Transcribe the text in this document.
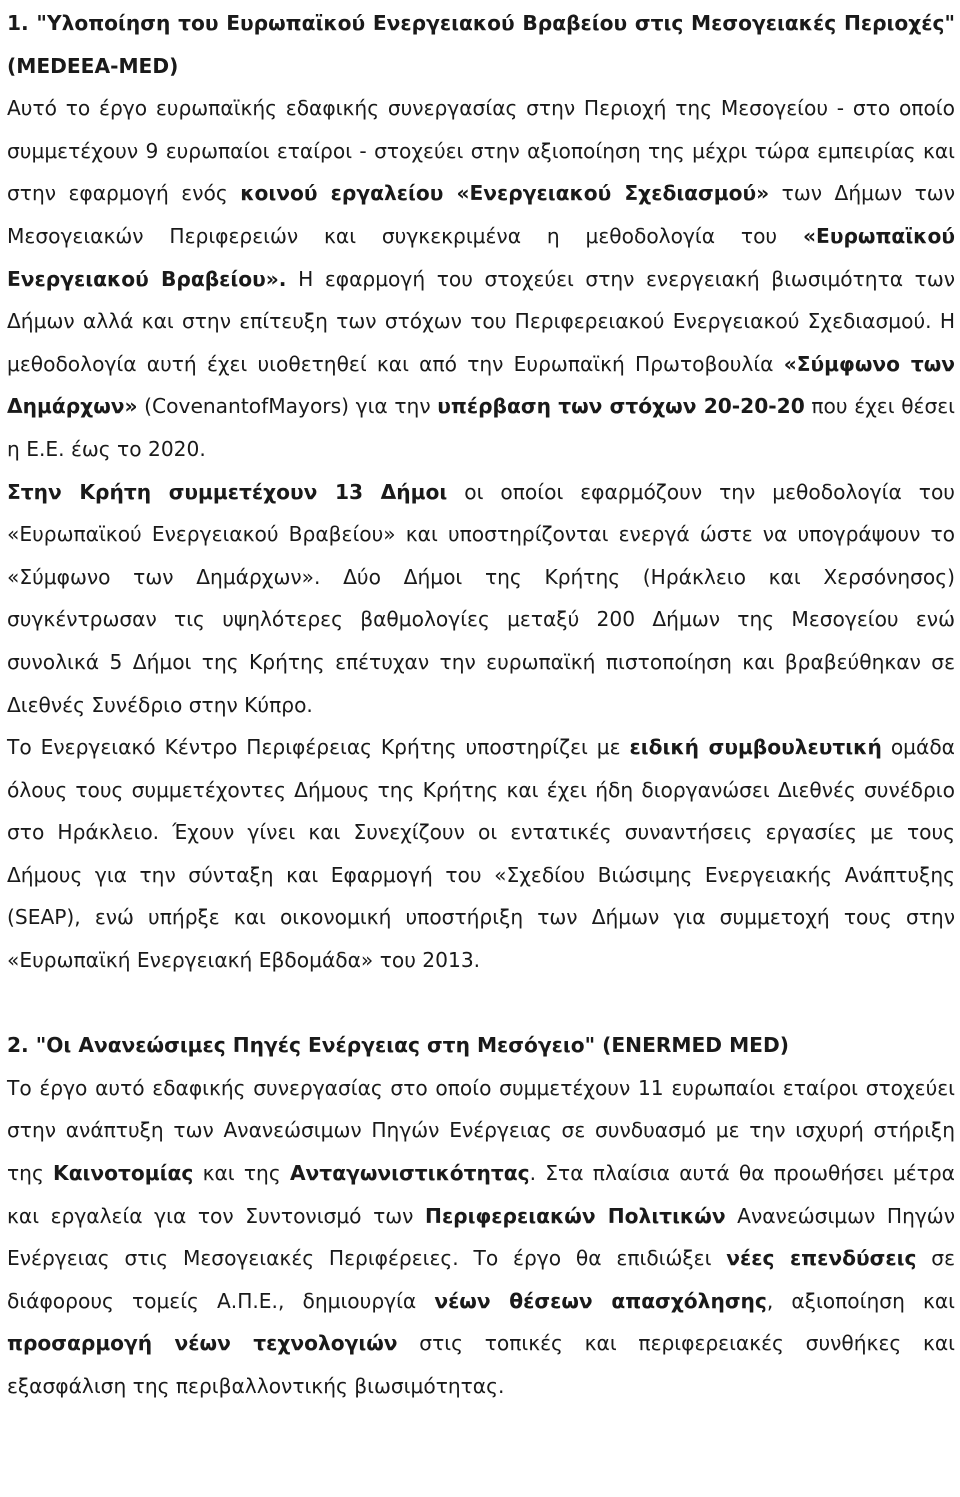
1. "Υλοποίηση του Ευρωπαϊκού Ενεργειακού Βραβείου στις Μεσογειακές Περιοχές" (MEDEEA-MED)

Αυτό το έργο ευρωπαϊκής εδαφικής συνεργασίας στην Περιοχή της Μεσογείου - στο οποίο συμμετέχουν 9 ευρωπαίοι εταίροι - στοχεύει στην αξιοποίηση της μέχρι τώρα εμπειρίας και στην εφαρμογή ενός κοινού εργαλείου «Ενεργειακού Σχεδιασμού» των Δήμων των Μεσογειακών Περιφερειών και συγκεκριμένα η μεθοδολογία του «Ευρωπαϊκού Ενεργειακού Βραβείου». Η εφαρμογή του στοχεύει στην ενεργειακή βιωσιμότητα των Δήμων αλλά και στην επίτευξη των στόχων του Περιφερειακού Ενεργειακού Σχεδιασμού. Η μεθοδολογία αυτή έχει υιοθετηθεί και από την Ευρωπαϊκή Πρωτοβουλία «Σύμφωνο των Δημάρχων» (CovenantofMayors) για την υπέρβαση των στόχων 20-20-20 που έχει θέσει η Ε.Ε. έως το 2020.

Στην Κρήτη συμμετέχουν 13 Δήμοι οι οποίοι εφαρμόζουν την μεθοδολογία του «Ευρωπαϊκού Ενεργειακού Βραβείου» και υποστηρίζονται ενεργά ώστε να υπογράψουν το «Σύμφωνο των Δημάρχων». Δύο Δήμοι της Κρήτης (Ηράκλειο και Χερσόνησος) συγκέντρωσαν τις υψηλότερες βαθμολογίες μεταξύ 200 Δήμων της Μεσογείου ενώ συνολικά 5 Δήμοι της Κρήτης επέτυχαν την ευρωπαϊκή πιστοποίηση και βραβεύθηκαν σε Διεθνές Συνέδριο στην Κύπρο.

Το Ενεργειακό Κέντρο Περιφέρειας Κρήτης υποστηρίζει με ειδική συμβουλευτική ομάδα όλους τους συμμετέχοντες Δήμους της Κρήτης και έχει ήδη διοργανώσει Διεθνές συνέδριο στο Ηράκλειο. Έχουν γίνει και Συνεχίζουν οι εντατικές συναντήσεις εργασίες με τους Δήμους για την σύνταξη και Εφαρμογή του «Σχεδίου Βιώσιμης Ενεργειακής Ανάπτυξης (SEAP), ενώ υπήρξε και οικονομική υποστήριξη των Δήμων για συμμετοχή τους στην «Ευρωπαϊκή Ενεργειακή Εβδομάδα» του 2013.

2. "Οι Ανανεώσιμες Πηγές Ενέργειας στη Μεσόγειο" (ENERMED MED)

Το έργο αυτό εδαφικής συνεργασίας στο οποίο συμμετέχουν 11 ευρωπαίοι εταίροι στοχεύει στην ανάπτυξη των Ανανεώσιμων Πηγών Ενέργειας σε συνδυασμό με την ισχυρή στήριξη της Καινοτομίας και της Ανταγωνιστικότητας. Στα πλαίσια αυτά θα προωθήσει μέτρα και εργαλεία για τον Συντονισμό των Περιφερειακών Πολιτικών Ανανεώσιμων Πηγών Ενέργειας στις Μεσογειακές Περιφέρειες. Το έργο θα επιδιώξει νέες επενδύσεις σε διάφορους τομείς Α.Π.Ε., δημιουργία νέων θέσεων απασχόλησης, αξιοποίηση και προσαρμογή νέων τεχνολογιών στις τοπικές και περιφερειακές συνθήκες και εξασφάλιση της περιβαλλοντικής βιωσιμότητας.
